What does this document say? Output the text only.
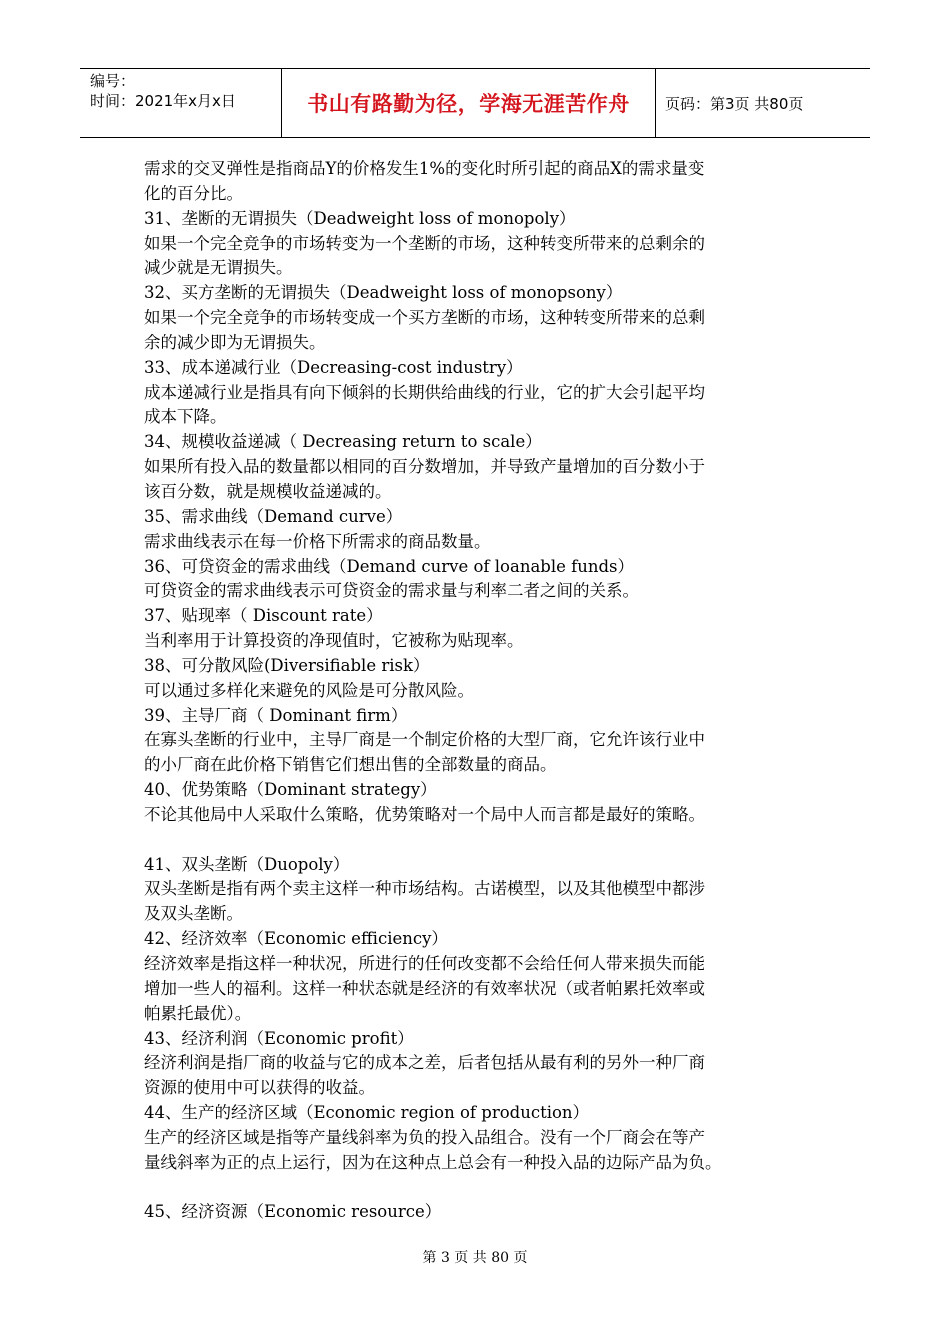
编号：
时间：2021年x月x日	书山有路勤为径，学海无涯苦作舟 页码：第3页 共80页
需求的交叉弹性是指商品Y的价格发生1%的变化时所引起的商品X的需求量变
化的百分比。
31、垄断的无谓损失（Deadweight loss of monopoly）
如果一个完全竞争的市场转变为一个垄断的市场，这种转变所带来的总剩余的
减少就是无谓损失。
32、买方垄断的无谓损失（Deadweight loss of monopsony）
如果一个完全竞争的市场转变成一个买方垄断的市场，这种转变所带来的总剩
余的减少即为无谓损失。
33、成本递减行业（Decreasing-cost industry）
成本递减行业是指具有向下倾斜的长期供给曲线的行业，它的扩大会引起平均
成本下降。
34、规模收益递减（ Decreasing return to scale）
如果所有投入品的数量都以相同的百分数增加，并导致产量增加的百分数小于
该百分数，就是规模收益递减的。
35、需求曲线（Demand curve）
需求曲线表示在每一价格下所需求的商品数量。
36、可贷资金的需求曲线（Demand curve of loanable funds）
可贷资金的需求曲线表示可贷资金的需求量与利率二者之间的关系。
37、贴现率（ Discount rate）
当利率用于计算投资的净现值时，它被称为贴现率。
38、可分散风险(Diversifiable risk）
可以通过多样化来避免的风险是可分散风险。
39、主导厂商（ Dominant firm）
在寡头垄断的行业中，主导厂商是一个制定价格的大型厂商，它允许该行业中
的小厂商在此价格下销售它们想出售的全部数量的商品。
40、优势策略（Dominant strategy）
不论其他局中人采取什么策略，优势策略对一个局中人而言都是最好的策略。
41、双头垄断（Duopoly）
双头垄断是指有两个卖主这样一种市场结构。古诺模型，以及其他模型中都涉
及双头垄断。
42、经济效率（Economic efficiency）
经济效率是指这样一种状况，所进行的任何改变都不会给任何人带来损失而能
增加一些人的福利。这样一种状态就是经济的有效率状况（或者帕累托效率或
帕累托最优）。
43、经济利润（Economic profit）
经济利润是指厂商的收益与它的成本之差，后者包括从最有利的另外一种厂商
资源的使用中可以获得的收益。
44、生产的经济区域（Economic region of production）
生产的经济区域是指等产量线斜率为负的投入品组合。没有一个厂商会在等产
量线斜率为正的点上运行，因为在这种点上总会有一种投入品的边际产品为负。
45、经济资源（Economic resource）
第 3 页 共 80 页
